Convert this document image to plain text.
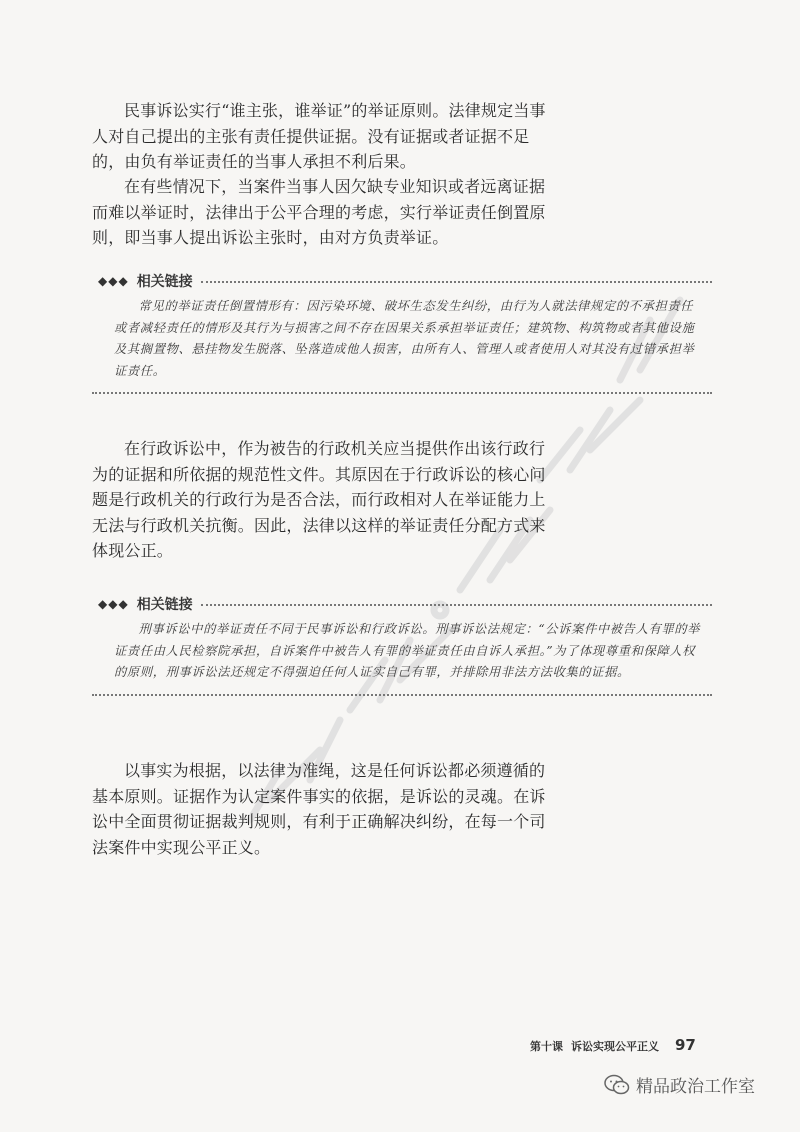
民事诉讼实行“谁主张，谁举证”的举证原则。法律规定当事人对自己提出的主张有责任提供证据。没有证据或者证据不足的，由负有举证责任的当事人承担不利后果。

在有些情况下，当案件当事人因欠缺专业知识或者远离证据而难以举证时，法律出于公平合理的考虑，实行举证责任倒置原则，即当事人提出诉讼主张时，由对方负责举证。

◆◆◆ 相关链接

常见的举证责任倒置情形有：因污染环境、破坏生态发生纠纷，由行为人就法律规定的不承担责任或者减轻责任的情形及其行为与损害之间不存在因果关系承担举证责任；建筑物、构筑物或者其他设施及其搁置物、悬挂物发生脱落、坠落造成他人损害，由所有人、管理人或者使用人对其没有过错承担举证责任。

在行政诉讼中，作为被告的行政机关应当提供作出该行政行为的证据和所依据的规范性文件。其原因在于行政诉讼的核心问题是行政机关的行政行为是否合法，而行政相对人在举证能力上无法与行政机关抗衡。因此，法律以这样的举证责任分配方式来体现公正。

◆◆◆ 相关链接

刑事诉讼中的举证责任不同于民事诉讼和行政诉讼。刑事诉讼法规定：“公诉案件中被告人有罪的举证责任由人民检察院承担，自诉案件中被告人有罪的举证责任由自诉人承担。”为了体现尊重和保障人权的原则，刑事诉讼法还规定不得强迫任何人证实自己有罪，并排除用非法方法收集的证据。

以事实为根据，以法律为准绳，这是任何诉讼都必须遵循的基本原则。证据作为认定案件事实的依据，是诉讼的灵魂。在诉讼中全面贯彻证据裁判规则，有利于正确解决纠纷，在每一个司法案件中实现公平正义。

第十课 诉讼实现公平正义 97
精品政治工作室
